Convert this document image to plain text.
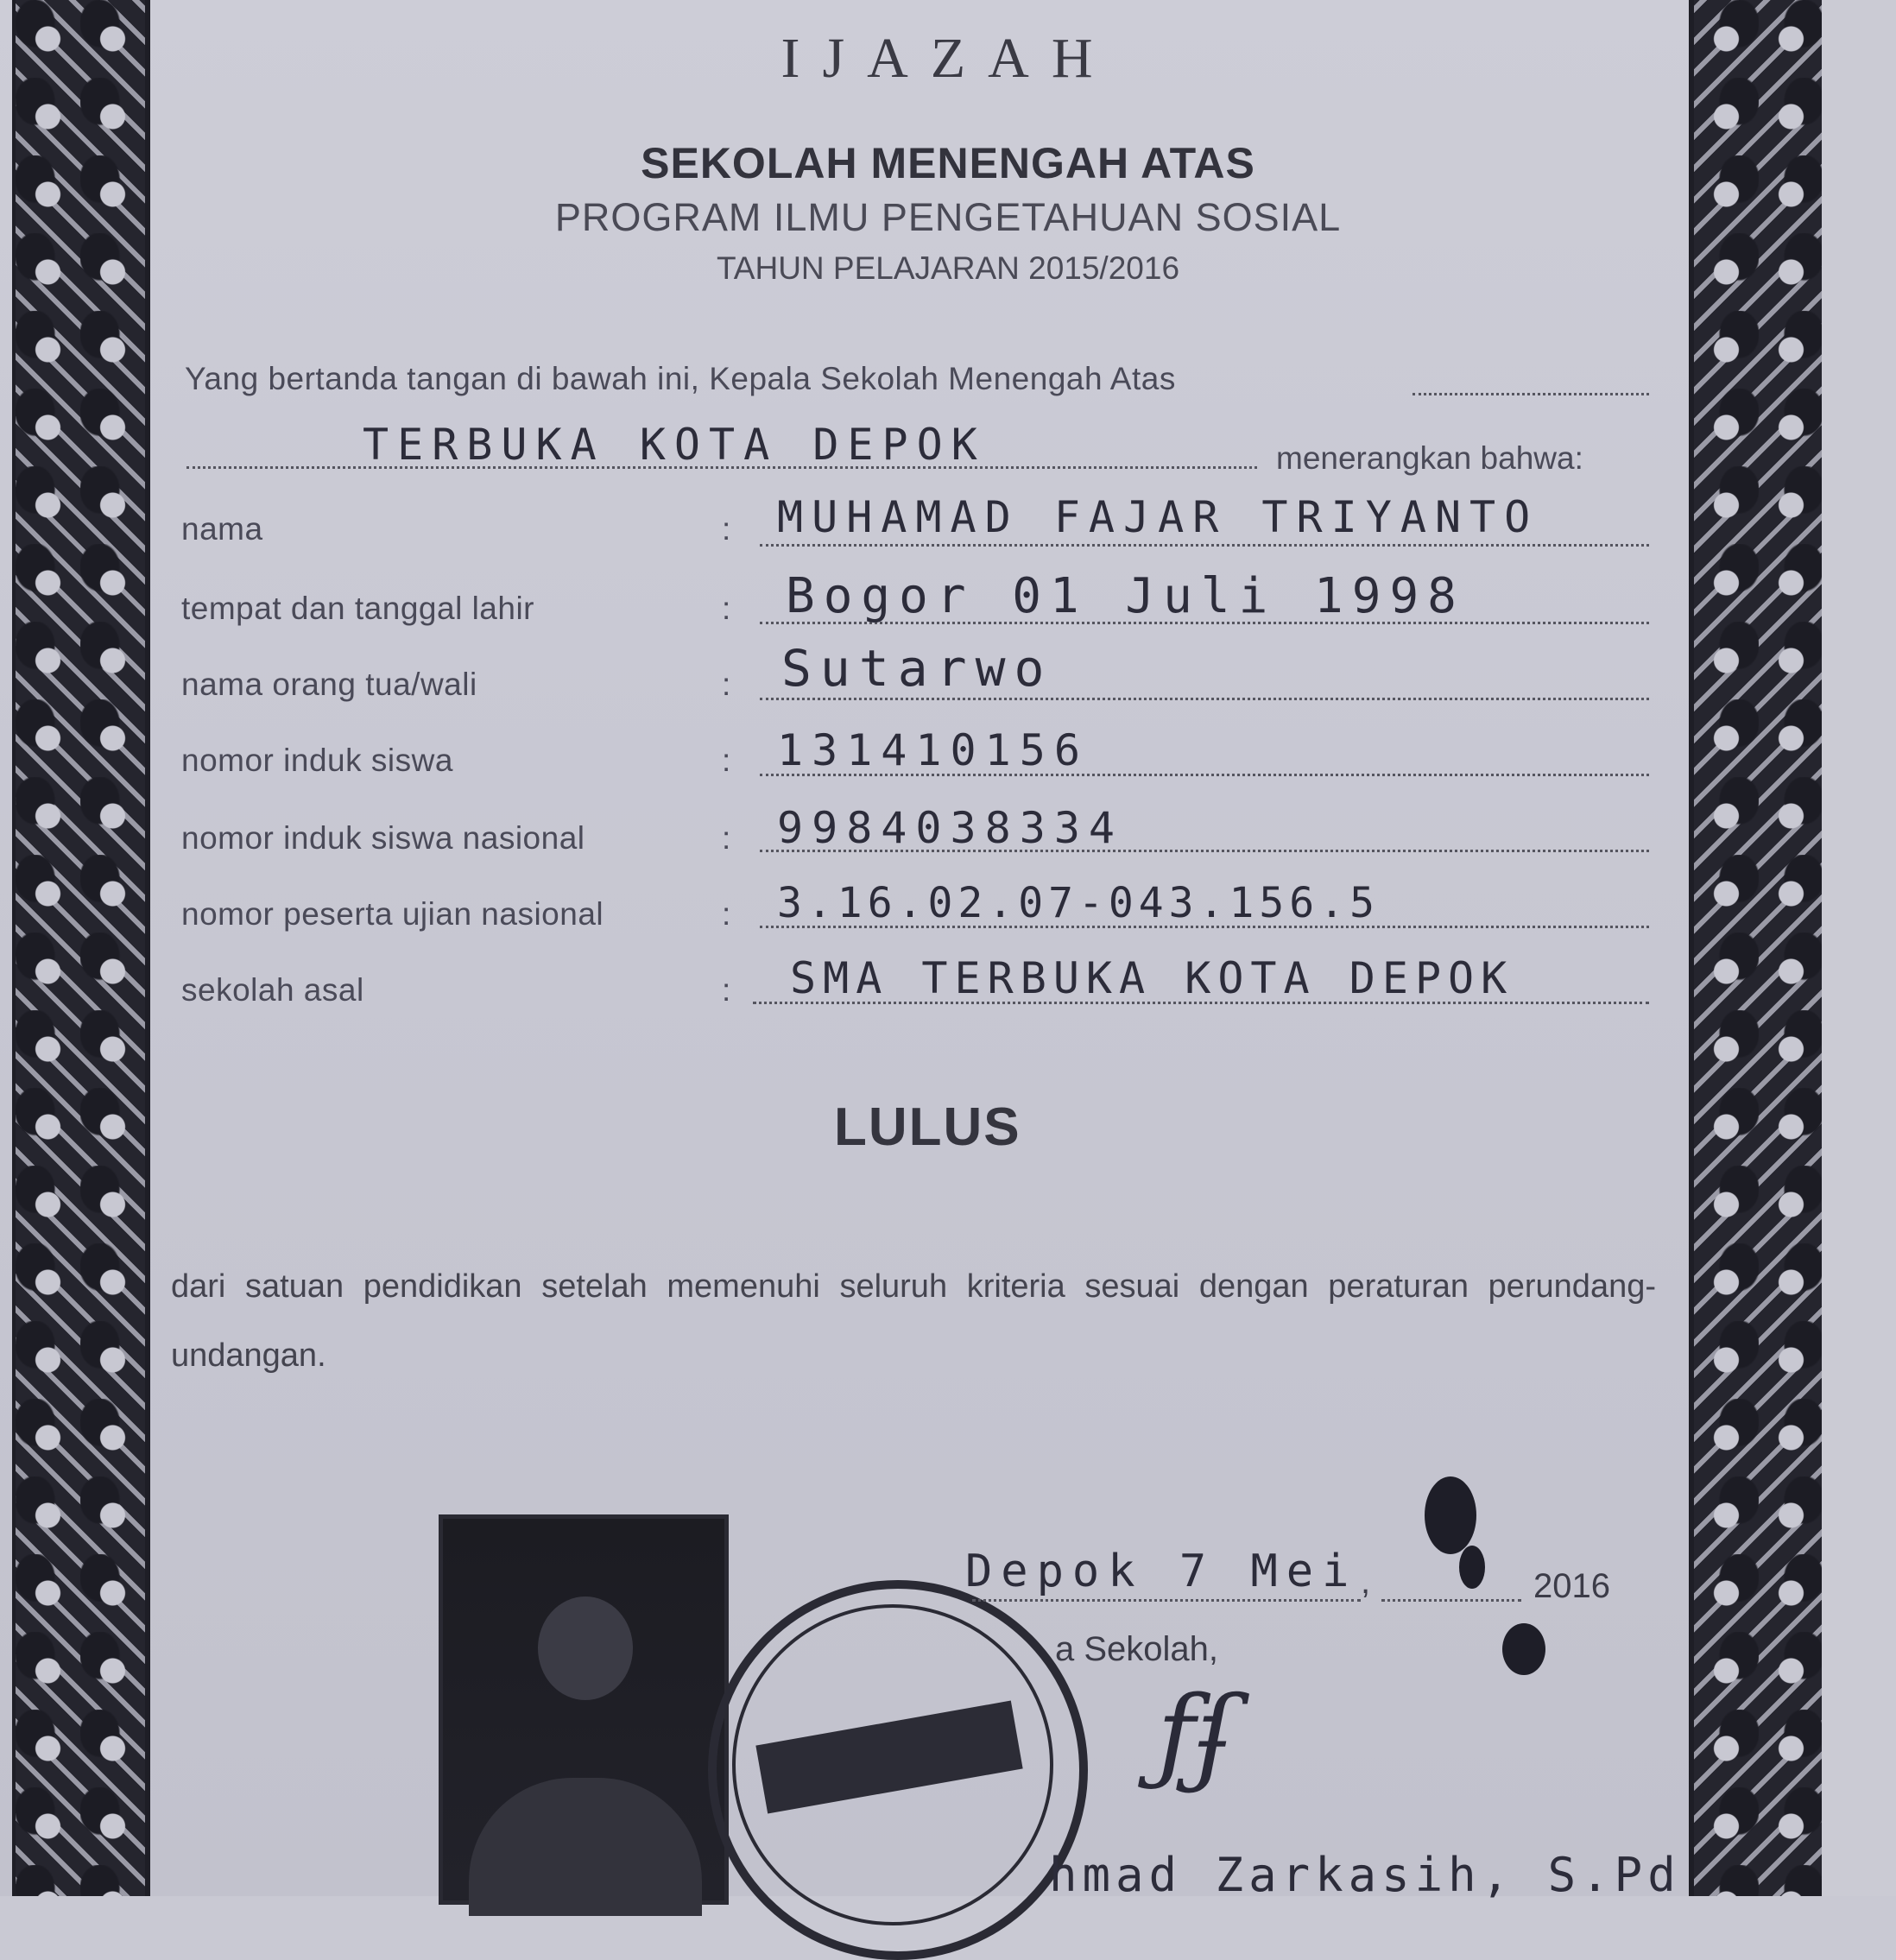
IJAZAH
SEKOLAH MENENGAH ATAS
PROGRAM ILMU PENGETAHUAN SOSIAL
TAHUN PELAJARAN 2015/2016
Yang bertanda tangan di bawah ini, Kepala Sekolah Menengah Atas
TERBUKA KOTA DEPOK	menerangkan bahwa:
nama	: MUHAMAD FAJAR TRIYANTO
tempat dan tanggal lahir	: Bogor 01 Juli 1998
nama orang tua/wali	: Sutarwo
nomor induk siswa	: 131410156
nomor induk siswa nasional	: 9984038334
nomor peserta ujian nasional	: 3.16.02.07-043.156.5
sekolah asal	: SMA TERBUKA KOTA DEPOK
LULUS
dari satuan pendidikan setelah memenuhi seluruh kriteria sesuai dengan peraturan perundang-undangan.
Depok 7 Mei ,	2016
a Sekolah,
ƒʄ
hmad Zarkasih, S.Pd
